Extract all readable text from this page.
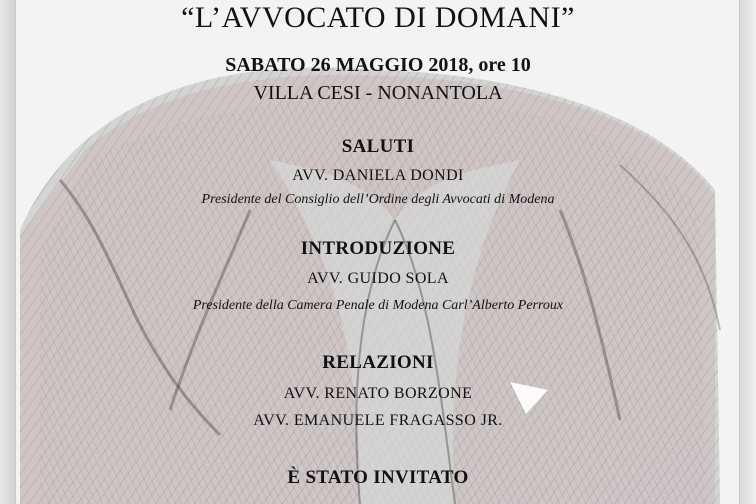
“L’AVVOCATO DI DOMANI”
SABATO 26 MAGGIO 2018, ore 10
VILLA CESI - NONANTOLA
SALUTI
AVV. DANIELA DONDI
Presidente del Consiglio dell’Ordine degli Avvocati di Modena
INTRODUZIONE
AVV. GUIDO SOLA
Presidente della Camera Penale di Modena Carl’Alberto Perroux
RELAZIONI
AVV. RENATO BORZONE
AVV. EMANUELE FRAGASSO JR.
È STATO INVITATO
